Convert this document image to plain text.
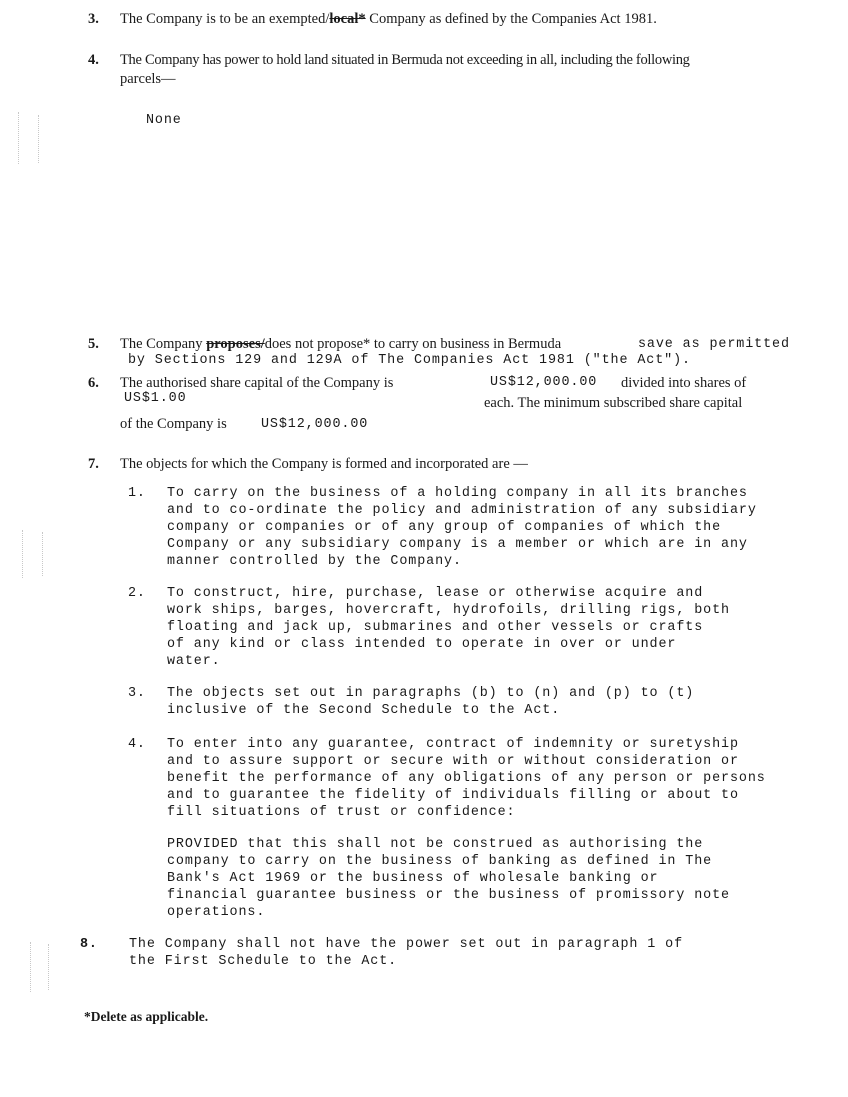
3. The Company is to be an exempted/local* Company as defined by the Companies Act 1981.
4. The Company has power to hold land situated in Bermuda not exceeding in all, including the following
parcels—
None
5. The Company proposes/does not propose* to carry on business in Bermuda	save as permitted
by Sections 129 and 129A of The Companies Act 1981 ("the Act").
6. The authorised share capital of the Company is	US$12,000.00 divided into shares of
US$1.00	each. The minimum subscribed share capital
of the Company is	US$12,000.00
7. The objects for which the Company is formed and incorporated are —
1. To carry on the business of a holding company in all its branches
and to co-ordinate the policy and administration of any subsidiary
company or companies or of any group of companies of which the
Company or any subsidiary company is a member or which are in any
manner controlled by the Company.
2. To construct, hire, purchase, lease or otherwise acquire and
work ships, barges, hovercraft, hydrofoils, drilling rigs, both
floating and jack up, submarines and other vessels or crafts
of any kind or class intended to operate in over or under
water.
3. The objects set out in paragraphs (b) to (n) and (p) to (t)
inclusive of the Second Schedule to the Act.
4. To enter into any guarantee, contract of indemnity or suretyship
and to assure support or secure with or without consideration or
benefit the performance of any obligations of any person or persons
and to guarantee the fidelity of individuals filling or about to
fill situations of trust or confidence:
PROVIDED that this shall not be construed as authorising the
company to carry on the business of banking as defined in The
Bank's Act 1969 or the business of wholesale banking or
financial guarantee business or the business of promissory note
operations.
8. The Company shall not have the power set out in paragraph 1 of
the First Schedule to the Act.
*Delete as applicable.
